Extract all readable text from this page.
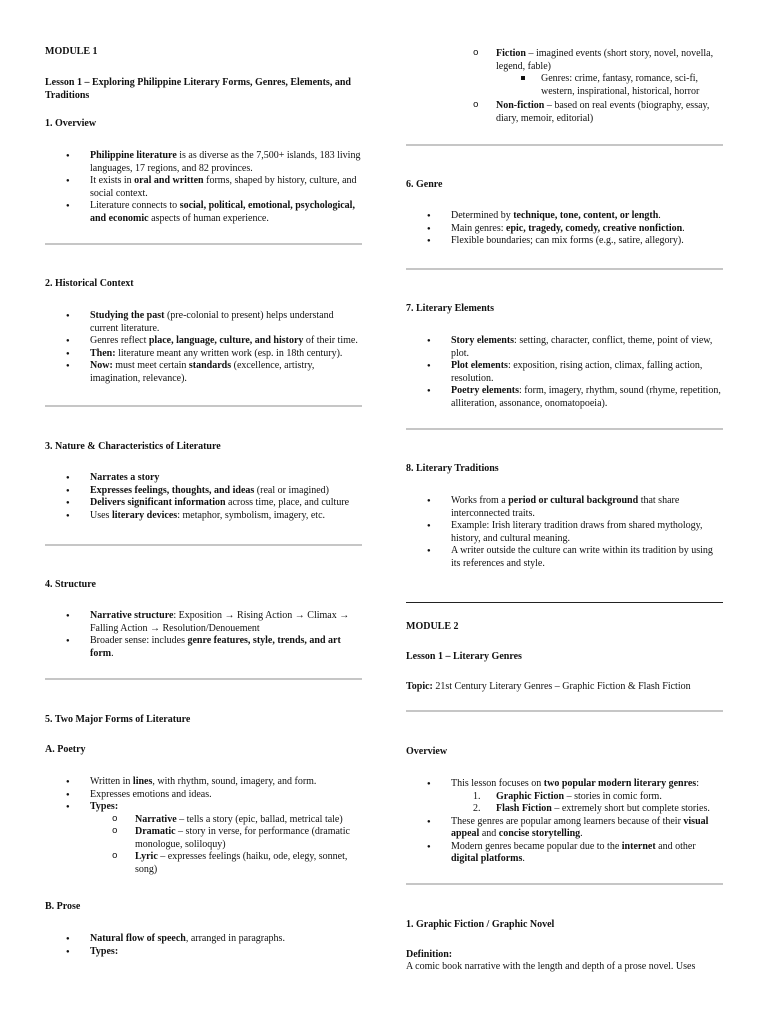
MODULE 1
Lesson 1 – Exploring Philippine Literary Forms, Genres, Elements, and Traditions
1. Overview
● Philippine literature is as diverse as the 7,500+ islands, 183 living languages, 17 regions, and 82 provinces.
● It exists in oral and written forms, shaped by history, culture, and social context.
● Literature connects to social, political, emotional, psychological, and economic aspects of human experience.
2. Historical Context
● Studying the past (pre-colonial to present) helps understand current literature.
● Genres reflect place, language, culture, and history of their time.
● Then: literature meant any written work (esp. in 18th century).
● Now: must meet certain standards (excellence, artistry, imagination, relevance).
3. Nature & Characteristics of Literature
● Narrates a story
● Expresses feelings, thoughts, and ideas (real or imagined)
● Delivers significant information across time, place, and culture
● Uses literary devices: metaphor, symbolism, imagery, etc.
4. Structure
● Narrative structure: Exposition → Rising Action → Climax → Falling Action → Resolution/Denouement
● Broader sense: includes genre features, style, trends, and art form.
5. Two Major Forms of Literature
A. Poetry
● Written in lines, with rhythm, sound, imagery, and form.
● Expresses emotions and ideas.
● Types:
o Narrative – tells a story (epic, ballad, metrical tale)
o Dramatic – story in verse, for performance (dramatic monologue, soliloquy)
o Lyric – expresses feelings (haiku, ode, elegy, sonnet, song)
B. Prose
● Natural flow of speech, arranged in paragraphs.
● Types:
o Fiction – imagined events (short story, novel, novella, legend, fable)
Genres: crime, fantasy, romance, sci-fi, western, inspirational, historical, horror
o Non-fiction – based on real events (biography, essay, diary, memoir, editorial)
6. Genre
● Determined by technique, tone, content, or length.
● Main genres: epic, tragedy, comedy, creative nonfiction.
● Flexible boundaries; can mix forms (e.g., satire, allegory).
7. Literary Elements
● Story elements: setting, character, conflict, theme, point of view, plot.
● Plot elements: exposition, rising action, climax, falling action, resolution.
● Poetry elements: form, imagery, rhythm, sound (rhyme, repetition, alliteration, assonance, onomatopoeia).
8. Literary Traditions
● Works from a period or cultural background that share interconnected traits.
● Example: Irish literary tradition draws from shared mythology, history, and cultural meaning.
● A writer outside the culture can write within its tradition by using its references and style.
MODULE 2
Lesson 1 – Literary Genres
Topic: 21st Century Literary Genres – Graphic Fiction & Flash Fiction
Overview
● This lesson focuses on two popular modern literary genres:
1. Graphic Fiction – stories in comic form.
2. Flash Fiction – extremely short but complete stories.
● These genres are popular among learners because of their visual appeal and concise storytelling.
● Modern genres became popular due to the internet and other digital platforms.
1. Graphic Fiction / Graphic Novel
Definition:
A comic book narrative with the length and depth of a prose novel. Uses
